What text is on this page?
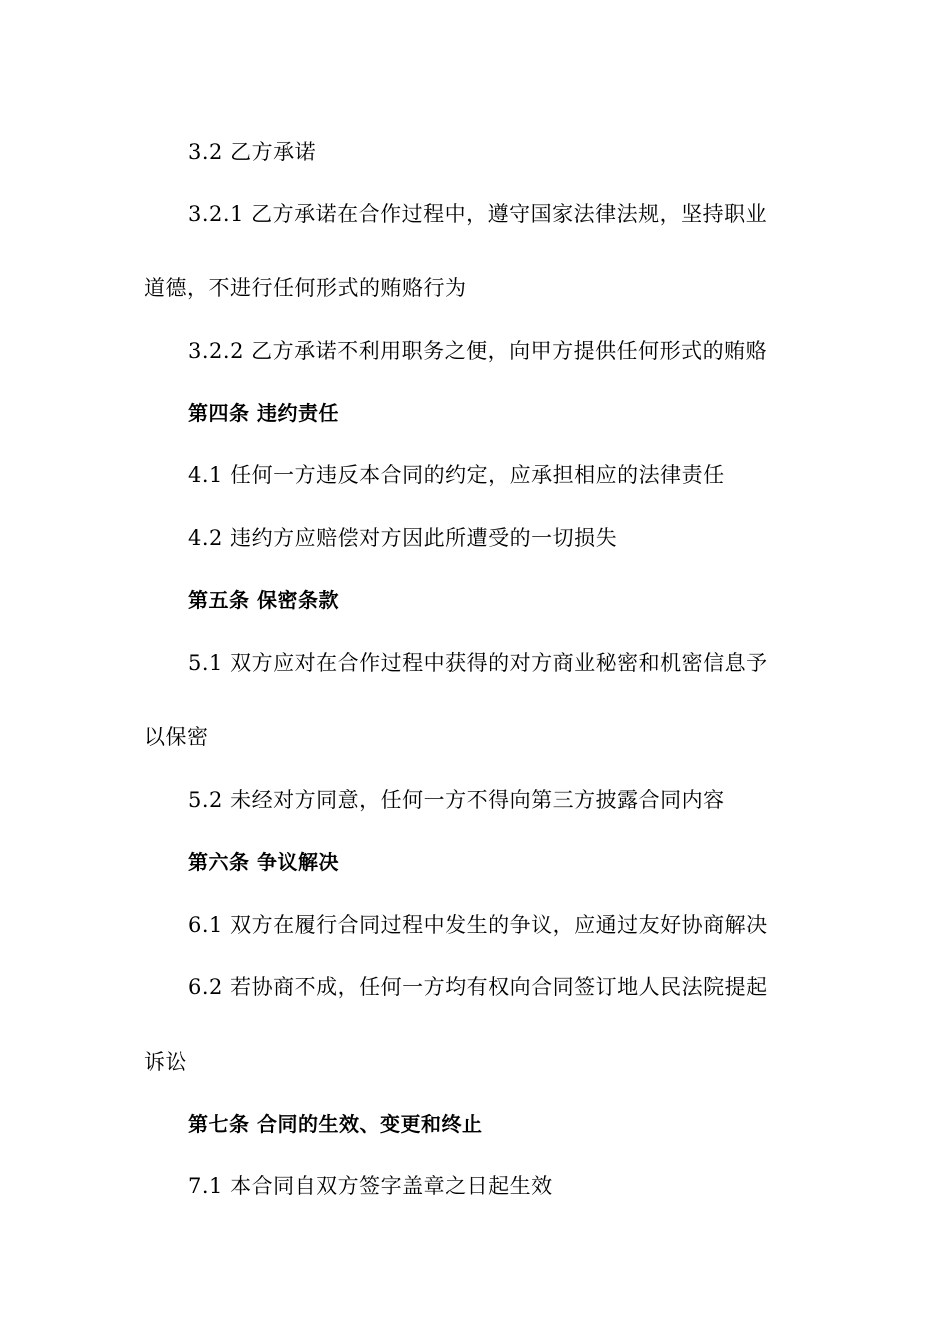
3.2 乙方承诺
3.2.1 乙方承诺在合作过程中，遵守国家法律法规，坚持职业
道德，不进行任何形式的贿赂行为
3.2.2 乙方承诺不利用职务之便，向甲方提供任何形式的贿赂
第四条 违约责任
4.1 任何一方违反本合同的约定，应承担相应的法律责任
4.2 违约方应赔偿对方因此所遭受的一切损失
第五条 保密条款
5.1 双方应对在合作过程中获得的对方商业秘密和机密信息予
以保密
5.2 未经对方同意，任何一方不得向第三方披露合同内容
第六条 争议解决
6.1 双方在履行合同过程中发生的争议，应通过友好协商解决
6.2 若协商不成，任何一方均有权向合同签订地人民法院提起
诉讼
第七条 合同的生效、变更和终止
7.1 本合同自双方签字盖章之日起生效
